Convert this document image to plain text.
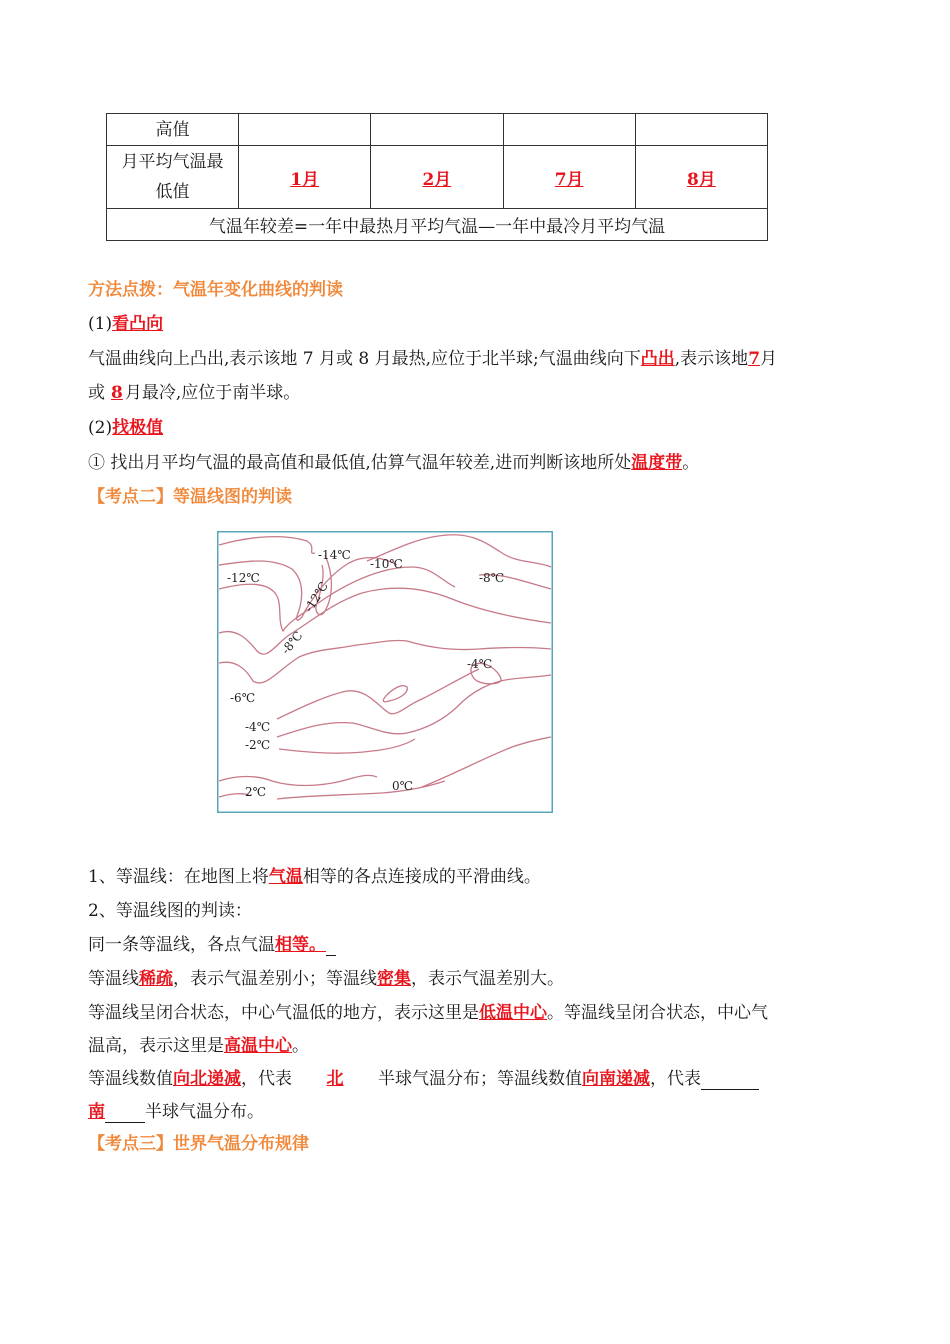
高值				

月平均气温最
低值	1月	2月	7月	8月
气温年较差=一年中最热月平均气温—一年中最冷月平均气温				
方法点拨：气温年变化曲线的判读
(1)看凸向
气温曲线向上凸出,表示该地 7 月或 8 月最热,应位于北半球;气温曲线向下凸出,表示该地7月
或 8 月最冷,应位于南半球。
(2)找极值
① 找出月平均气温的最高值和最低值,估算气温年较差,进而判断该地所处温度带。
【考点二】等温线图的判读
-14℃
-10℃
-12℃	-8℃
-12℃
-8℃
-4℃
-6℃
-4℃
-2℃
0℃
2℃
1、等温线：在地图上将气温相等的各点连接成的平滑曲线。
2、等温线图的判读：
同一条等温线，各点气温相等。
等温线稀疏，表示气温差别小；等温线密集，表示气温差别大。
等温线呈闭合状态，中心气温低的地方，表示这里是低温中心。等温线呈闭合状态，中心气
温高，表示这里是高温中心。
等温线数值向北递减，代表 北 半球气温分布；等温线数值向南递减，代表
南 半球气温分布。
【考点三】世界气温分布规律
